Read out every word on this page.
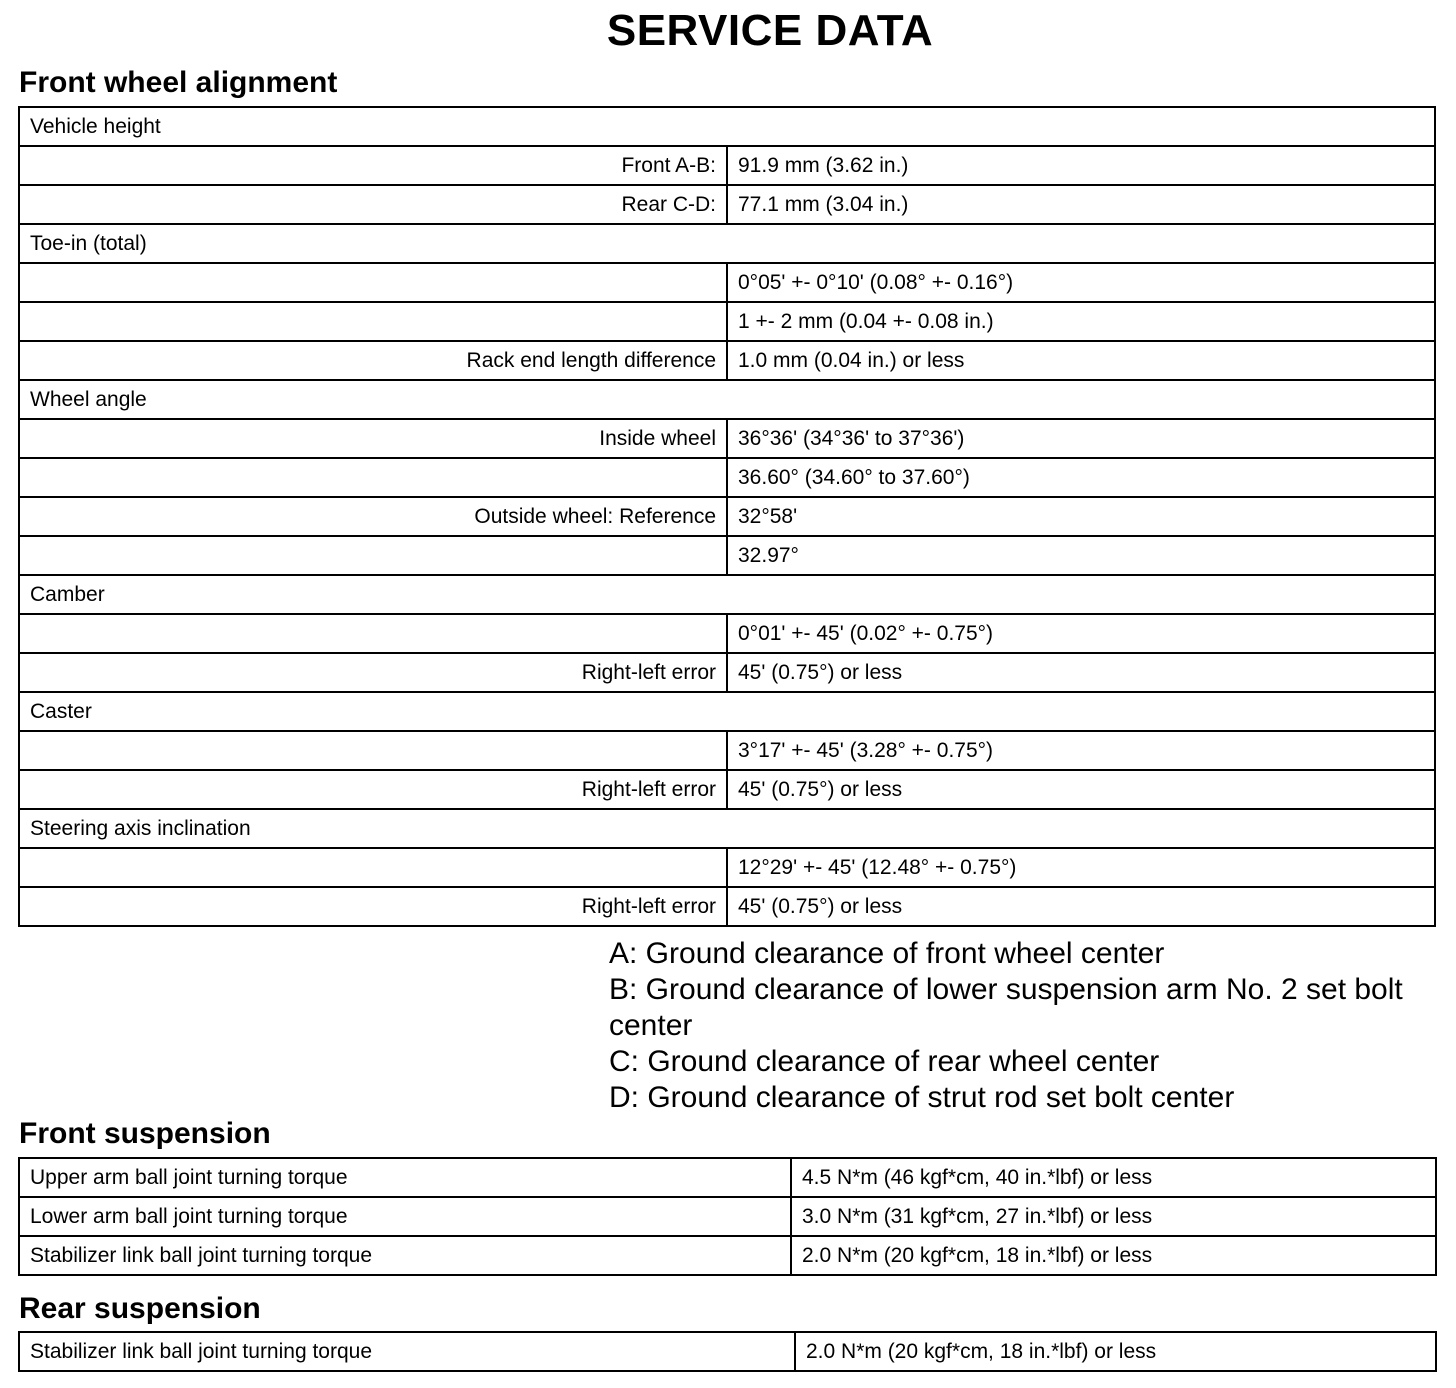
SERVICE DATA
Front wheel alignment
Vehicle height	
Front A-B:	91.9 mm (3.62 in.)
Rear C-D:	77.1 mm (3.04 in.)
Toe-in (total)	
	0°05' +- 0°10' (0.08° +- 0.16°)
	1 +- 2 mm (0.04 +- 0.08 in.)
Rack end length difference	1.0 mm (0.04 in.) or less
Wheel angle	
Inside wheel	36°36' (34°36' to 37°36')
	36.60° (34.60° to 37.60°)
Outside wheel: Reference	32°58'
	32.97°
Camber	
	0°01' +- 45' (0.02° +- 0.75°)
Right-left error	45' (0.75°) or less
Caster	
	3°17' +- 45' (3.28° +- 0.75°)
Right-left error	45' (0.75°) or less
Steering axis inclination	
	12°29' +- 45' (12.48° +- 0.75°)
Right-left error	45' (0.75°) or less
A: Ground clearance of front wheel center
B: Ground clearance of lower suspension arm No. 2 set bolt center
C: Ground clearance of rear wheel center
D: Ground clearance of strut rod set bolt center
Front suspension
Upper arm ball joint turning torque	4.5 N*m (46 kgf*cm, 40 in.*lbf) or less
Lower arm ball joint turning torque	3.0 N*m (31 kgf*cm, 27 in.*lbf) or less
Stabilizer link ball joint turning torque	2.0 N*m (20 kgf*cm, 18 in.*lbf) or less
Rear suspension
Stabilizer link ball joint turning torque	2.0 N*m (20 kgf*cm, 18 in.*lbf) or less
